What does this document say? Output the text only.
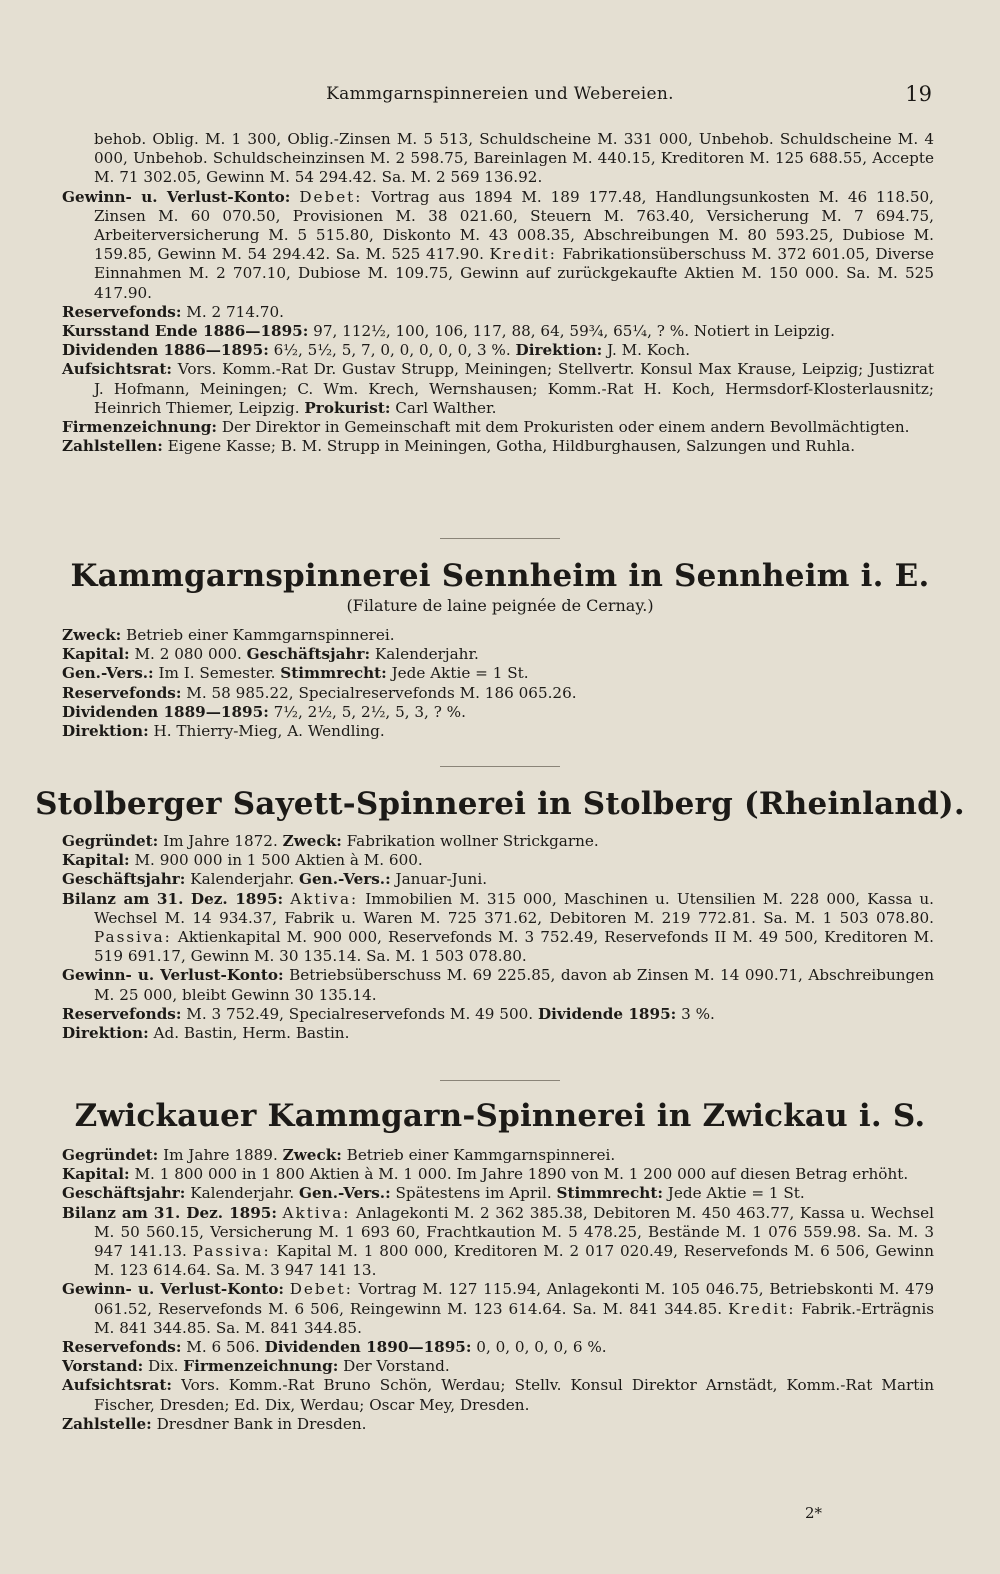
Kammgarnspinnereien und Webereien.	19

behob. Oblig. M. 1 300, Oblig.-Zinsen M. 5 513, Schuldscheine M. 331 000, Unbehob. Schuldscheine M. 4 000, Unbehob. Schuldscheinzinsen M. 2 598.75, Bareinlagen M. 440.15, Kreditoren M. 125 688.55, Accepte M. 71 302.05, Gewinn M. 54 294.42. Sa. M. 2 569 136.92.

Gewinn- u. Verlust-Konto: Debet: Vortrag aus 1894 M. 189 177.48, Handlungsunkosten M. 46 118.50, Zinsen M. 60 070.50, Provisionen M. 38 021.60, Steuern M. 763.40, Versicherung M. 7 694.75, Arbeiterversicherung M. 5 515.80, Diskonto M. 43 008.35, Abschreibungen M. 80 593.25, Dubiose M. 159.85, Gewinn M. 54 294.42. Sa. M. 525 417.90. Kredit: Fabrikationsüberschuss M. 372 601.05, Diverse Einnahmen M. 2 707.10, Dubiose M. 109.75, Gewinn auf zurückgekaufte Aktien M. 150 000. Sa. M. 525 417.90.

Reservefonds: M. 2 714.70.

Kursstand Ende 1886—1895: 97, 112½, 100, 106, 117, 88, 64, 59¾, 65¼, ? %. Notiert in Leipzig.

Dividenden 1886—1895: 6½, 5½, 5, 7, 0, 0, 0, 0, 0, 3 %. Direktion: J. M. Koch.

Aufsichtsrat: Vors. Komm.-Rat Dr. Gustav Strupp, Meiningen; Stellvertr. Konsul Max Krause, Leipzig; Justizrat J. Hofmann, Meiningen; C. Wm. Krech, Wernshausen; Komm.-Rat H. Koch, Hermsdorf-Klosterlausnitz; Heinrich Thiemer, Leipzig. Prokurist: Carl Walther.

Firmenzeichnung: Der Direktor in Gemeinschaft mit dem Prokuristen oder einem andern Bevollmächtigten.

Zahlstellen: Eigene Kasse; B. M. Strupp in Meiningen, Gotha, Hildburghausen, Salzungen und Ruhla.

Kammgarnspinnerei Sennheim in Sennheim i. E.
(Filature de laine peignée de Cernay.)

Zweck: Betrieb einer Kammgarnspinnerei.

Kapital: M. 2 080 000. Geschäftsjahr: Kalenderjahr.

Gen.-Vers.: Im I. Semester. Stimmrecht: Jede Aktie = 1 St.

Reservefonds: M. 58 985.22, Specialreservefonds M. 186 065.26.

Dividenden 1889—1895: 7½, 2½, 5, 2½, 5, 3, ? %.

Direktion: H. Thierry-Mieg, A. Wendling.

Stolberger Sayett-Spinnerei in Stolberg (Rheinland).

Gegründet: Im Jahre 1872. Zweck: Fabrikation wollner Strickgarne.

Kapital: M. 900 000 in 1 500 Aktien à M. 600.

Geschäftsjahr: Kalenderjahr. Gen.-Vers.: Januar-Juni.

Bilanz am 31. Dez. 1895: Aktiva: Immobilien M. 315 000, Maschinen u. Utensilien M. 228 000, Kassa u. Wechsel M. 14 934.37, Fabrik u. Waren M. 725 371.62, Debitoren M. 219 772.81. Sa. M. 1 503 078.80. Passiva: Aktienkapital M. 900 000, Reservefonds M. 3 752.49, Reservefonds II M. 49 500, Kreditoren M. 519 691.17, Gewinn M. 30 135.14. Sa. M. 1 503 078.80.

Gewinn- u. Verlust-Konto: Betriebsüberschuss M. 69 225.85, davon ab Zinsen M. 14 090.71, Abschreibungen M. 25 000, bleibt Gewinn 30 135.14.

Reservefonds: M. 3 752.49, Specialreservefonds M. 49 500. Dividende 1895: 3 %.

Direktion: Ad. Bastin, Herm. Bastin.

Zwickauer Kammgarn-Spinnerei in Zwickau i. S.

Gegründet: Im Jahre 1889. Zweck: Betrieb einer Kammgarnspinnerei.

Kapital: M. 1 800 000 in 1 800 Aktien à M. 1 000. Im Jahre 1890 von M. 1 200 000 auf diesen Betrag erhöht.

Geschäftsjahr: Kalenderjahr. Gen.-Vers.: Spätestens im April. Stimmrecht: Jede Aktie = 1 St.

Bilanz am 31. Dez. 1895: Aktiva: Anlagekonti M. 2 362 385.38, Debitoren M. 450 463.77, Kassa u. Wechsel M. 50 560.15, Versicherung M. 1 693 60, Frachtkaution M. 5 478.25, Bestände M. 1 076 559.98. Sa. M. 3 947 141.13. Passiva: Kapital M. 1 800 000, Kreditoren M. 2 017 020.49, Reservefonds M. 6 506, Gewinn M. 123 614.64. Sa. M. 3 947 141 13.

Gewinn- u. Verlust-Konto: Debet: Vortrag M. 127 115.94, Anlagekonti M. 105 046.75, Betriebskonti M. 479 061.52, Reservefonds M. 6 506, Reingewinn M. 123 614.64. Sa. M. 841 344.85. Kredit: Fabrik.-Erträgnis M. 841 344.85. Sa. M. 841 344.85.

Reservefonds: M. 6 506. Dividenden 1890—1895: 0, 0, 0, 0, 0, 6 %.

Vorstand: Dix. Firmenzeichnung: Der Vorstand.

Aufsichtsrat: Vors. Komm.-Rat Bruno Schön, Werdau; Stellv. Konsul Direktor Arnstädt, Komm.-Rat Martin Fischer, Dresden; Ed. Dix, Werdau; Oscar Mey, Dresden.

Zahlstelle: Dresdner Bank in Dresden.

2*
